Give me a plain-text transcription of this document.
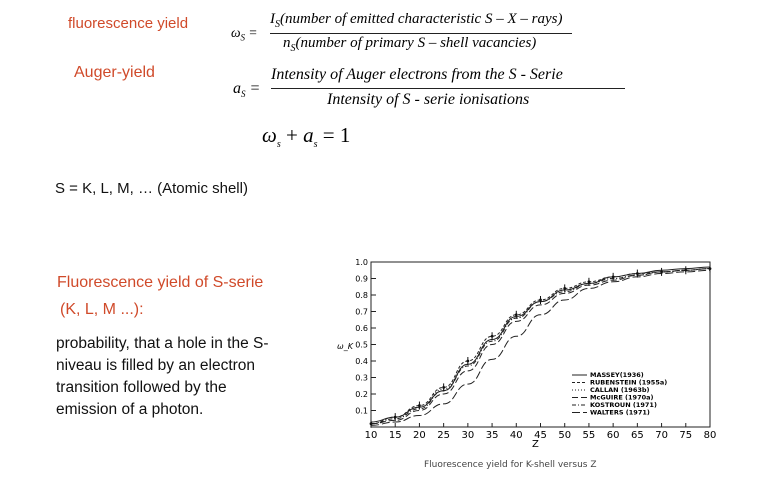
fluorescence yield
Auger-yield
$\omega_S$ =
$I_S(number$ of emitted characteristic S – X – rays)
$n_S(number$ of primary S – shell vacancies)
$a_S$ =
Intensity of Auger electrons from the S - Serie
Intensity of S - serie ionisations
$\omega_s + a_s = 1$
S = K, L, M, … (Atomic shell)
Fluorescence yield of S-serie
(K, L, M ...):
probability, that a hole in the S-
niveau is filled by an electron
transition followed by the
emission of a photon.	0.1
0.2
0.3
0.4
0.5
0.6
0.7
0.8
0.9
1.0
10 15 20 25 30 35 40 45 50 55 60 65 70 75 80
ω_K
Z
Fluorescence yield for K-shell versus Z
MASSEY(1936)
RUBENSTEIN (1955a)
CALLAN (1963b)
McGUIRE (1970a)
KOSTROUN (1971)
WALTERS (1971)
